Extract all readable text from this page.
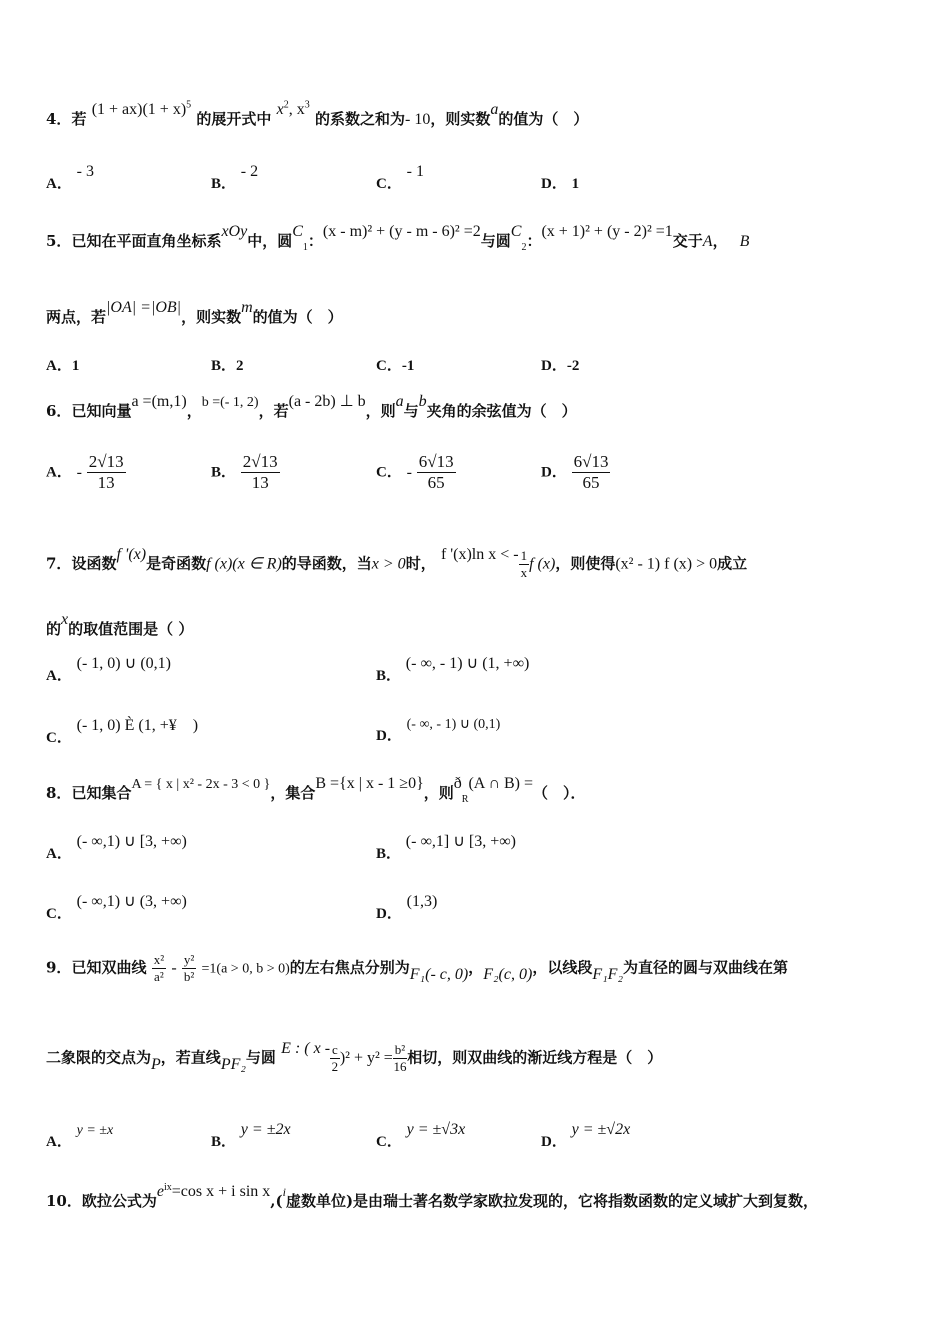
4．若 $(1 + ax)(1 + x)^5$ 的展开式中 $x^2$, $x^3$ 的系数之和为- 10，则实数a的值为（　）
A． - 3
B． - 2
C． - 1
D． 1
5．已知在平面直角坐标系xOy中，圆$C_1$：(x - m)² + (y - m - 6)² =2与圆$C_2$：(x + 1)² + (y - 2)² =1交于A， B
两点，若|OA| =|OB|，则实数m的值为（　）
A．1	B．2	C．-1	D．-2
6．已知向量a =(m,1)，b =(- 1, 2)，若(a - 2b) ⊥ b，则a与b夹角的余弦值为（　）
A． - $\frac{2√13}{13}$	B． $\frac{2√13}{13}$	C． - $\frac{6√13}{65}$	D． $\frac{6√13}{65}$
7．设函数f '(x)是奇函数f (x)(x ∈ R)的导函数，当x > 0时， f '(x)ln x < - $\frac{1}{x}$ f (x)，则使得(x² - 1) f (x) > 0成立
的x的取值范围是（ ）
A． (- 1, 0) ∪ (0,1)
B． (- ∞, - 1) ∪ (1, +∞)
C． (- 1, 0) È (1, +¥　)
D． (- ∞, - 1) ∪ (0,1)
8．已知集合A = { x | x² - 2x - 3 < 0 }，集合B ={x | x - 1 ≥0}，则$ð_R(A$ ∩ B) =（　）．
A． (- ∞,1) ∪ [3, +∞)
B． (- ∞,1] ∪ [3, +∞)
C． (- ∞,1) ∪ (3, +∞)
D． (1,3)
9．已知双曲线 $\frac{\text{x²}}{\text{a²}} - \frac{\text{y²}}{\text{b²}} =1(a > 0$, b > 0)的左右焦点分别为F₁(- c, 0)，F₂(c, 0)，以线段F₁F₂为直径的圆与双曲线在第
二象限的交点为P，若直线PF₂与圆 E : ( $x - \frac{c}{2} )^2 + y^2 = \frac{\text{b²}}{16}$ 相切，则双曲线的渐近线方程是（　）
A． y = ±x
B． y = ±2x
C． y = ±√3x
D． y = ±√2x
10．欧拉公式为$e^{ix}=\cos$ x + i sin x,($^i$虚数单位)是由瑞士著名数学家欧拉发现的，它将指数函数的定义域扩大到复数，
